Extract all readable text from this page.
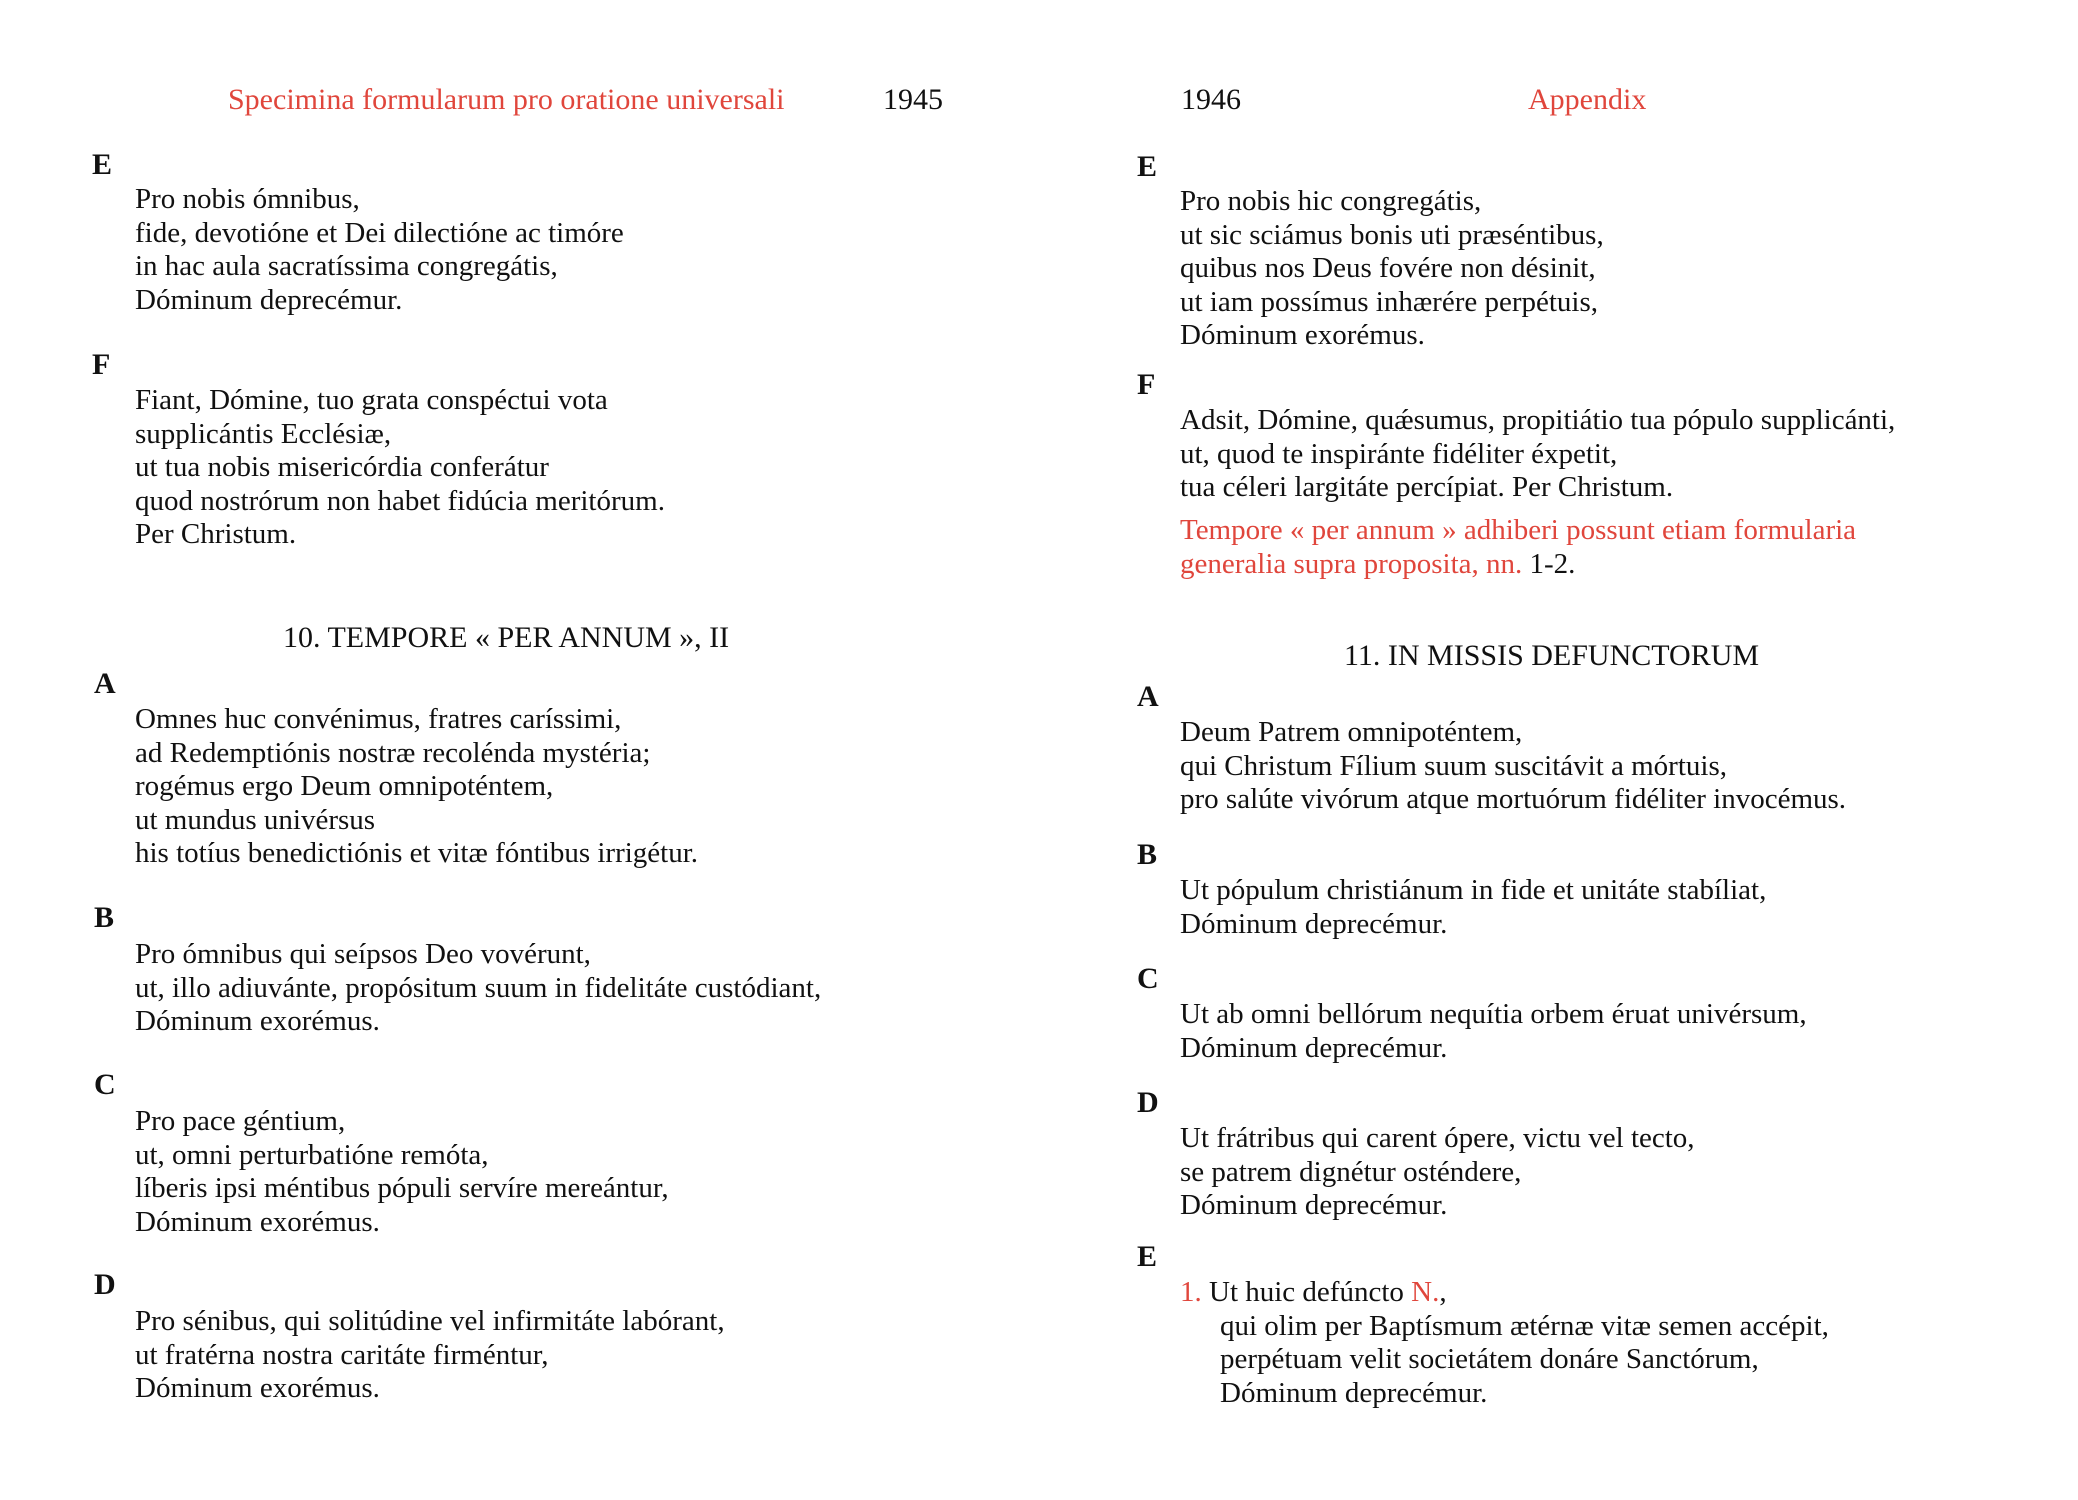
Specimina formularum pro oratione universali	1945
E
Pro nobis ómnibus,
fide, devotióne et Dei dilectióne ac timóre
in hac aula sacratíssima congregátis,
Dóminum deprecémur.
F
Fiant, Dómine, tuo grata conspéctui vota
supplicántis Ecclésiæ,
ut tua nobis misericórdia conferátur
quod nostrórum non habet fidúcia meritórum.
Per Christum.
10. TEMPORE « PER ANNUM », II
A
Omnes huc convénimus, fratres caríssimi,
ad Redemptiónis nostræ recolénda mystéria;
rogémus ergo Deum omnipoténtem,
ut mundus univérsus
his totíus benedictiónis et vitæ fóntibus irrigétur.
B
Pro ómnibus qui seípsos Deo vovérunt,
ut, illo adiuvánte, propósitum suum in fidelitáte custódiant,
Dóminum exorémus.
C
Pro pace géntium,
ut, omni perturbatióne remóta,
líberis ipsi méntibus pópuli servíre mereántur,
Dóminum exorémus.
D
Pro sénibus, qui solitúdine vel infirmitáte labórant,
ut fratérna nostra caritáte firméntur,
Dóminum exorémus.
1946	Appendix
E
Pro nobis hic congregátis,
ut sic sciámus bonis uti præséntibus,
quibus nos Deus fovére non désinit,
ut iam possímus inhærére perpétuis,
Dóminum exorémus.
F
Adsit, Dómine, quǽsumus, propitiátio tua pópulo supplicánti,
ut, quod te inspiránte fidéliter éxpetit,
tua céleri largitáte percípiat. Per Christum.
Tempore « per annum » adhiberi possunt etiam formularia
generalia supra proposita, nn. 1-2.
11. IN MISSIS DEFUNCTORUM
A
Deum Patrem omnipoténtem,
qui Christum Fílium suum suscitávit a mórtuis,
pro salúte vivórum atque mortuórum fidéliter invocémus.
B
Ut pópulum christiánum in fide et unitáte stabíliat,
Dóminum deprecémur.
C
Ut ab omni bellórum nequítia orbem éruat univérsum,
Dóminum deprecémur.
D
Ut frátribus qui carent ópere, victu vel tecto,
se patrem dignétur osténdere,
Dóminum deprecémur.
E
1. Ut huic defúncto N.,
qui olim per Baptísmum ætérnæ vitæ semen accépit,
perpétuam velit societátem donáre Sanctórum,
Dóminum deprecémur.
